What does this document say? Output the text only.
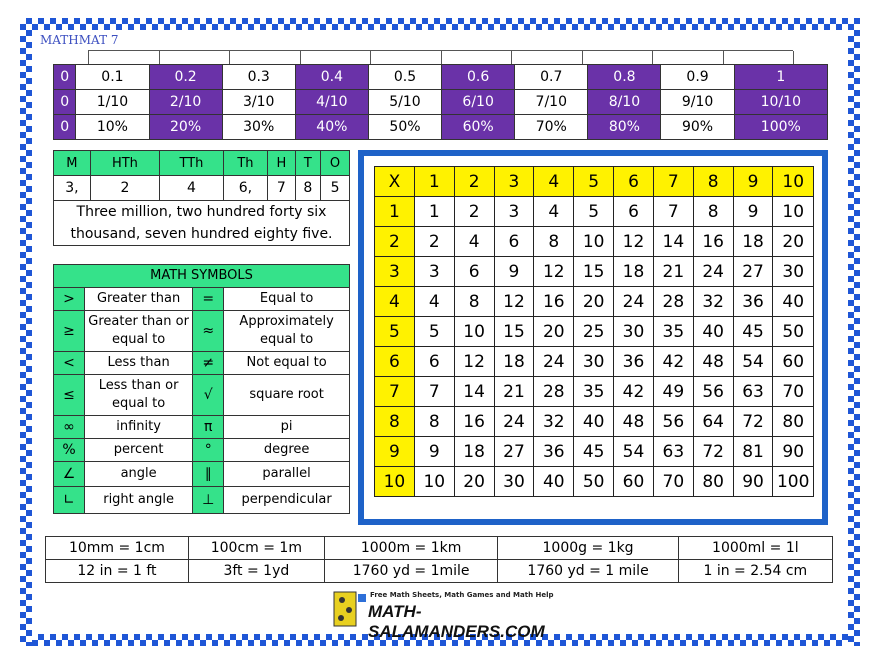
MATHMAT 7
0	0.1	0.2	0.3	0.4	0.5	0.6	0.7	0.8	0.9	1
0	1/10	2/10	3/10	4/10	5/10	6/10	7/10	8/10	9/10	10/10
0	10%	20%	30%	40%	50%	60%	70%	80%	90%	100%
M	HTh	TTh	Th	H	T	O
3,	2	4	6,	7	8	5
Three million, two hundred forty six thousand, seven hundred eighty five.						
MATH SYMBOLS			
>	Greater than	=	Equal to
≥	Greater than or equal to	≈	Approximately equal to
<	Less than	≠	Not equal to
≤	Less than or equal to	√	square root
∞	infinity	π	pi
%	percent	°	degree
∠	angle	∥	parallel
∟	right angle	⊥	perpendicular
X	1	2	3	4	5	6	7	8	9	10
1	1	2	3	4	5	6	7	8	9	10
2	2	4	6	8	10	12	14	16	18	20
3	3	6	9	12	15	18	21	24	27	30
4	4	8	12	16	20	24	28	32	36	40
5	5	10	15	20	25	30	35	40	45	50
6	6	12	18	24	30	36	42	48	54	60
7	7	14	21	28	35	42	49	56	63	70
8	8	16	24	32	40	48	56	64	72	80
9	9	18	27	36	45	54	63	72	81	90
10	10	20	30	40	50	60	70	80	90	100
10mm = 1cm	100cm = 1m	1000m = 1km	1000g = 1kg	1000ml = 1l
12 in = 1 ft	3ft = 1yd	1760 yd = 1mile	1760 yd = 1 mile	1 in = 2.54 cm
Free Math Sheets, Math Games and Math Help
MATH-SALAMANDERS.COM
